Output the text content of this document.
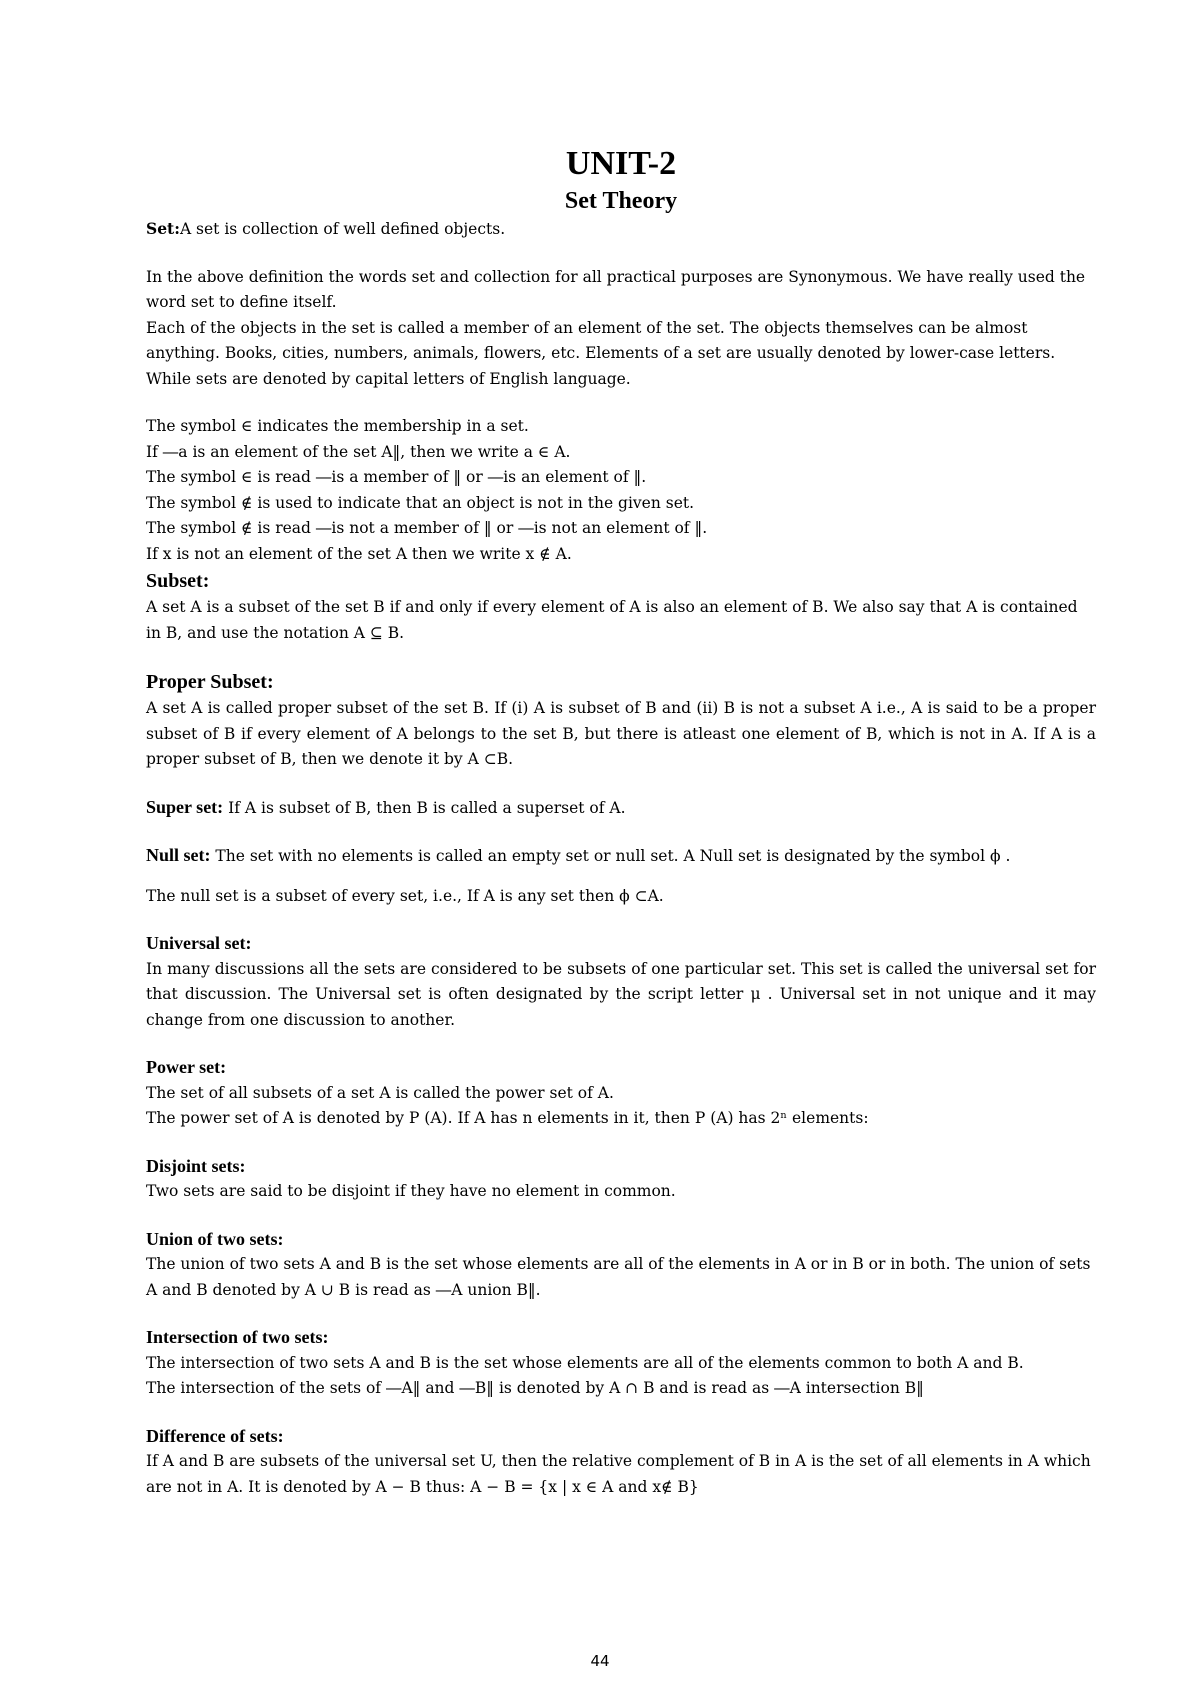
UNIT-2
Set Theory

Set:A set is collection of well defined objects.

In the above definition the words set and collection for all practical purposes are Synonymous. We have really used the word set to define itself.

Each of the objects in the set is called a member of an element of the set. The objects themselves can be almost anything. Books, cities, numbers, animals, flowers, etc. Elements of a set are usually denoted by lower-case letters. While sets are denoted by capital letters of English language.

The symbol ∈ indicates the membership in a set.

If ―a is an element of the set A‖, then we write a ∈ A.

The symbol ∈ is read ―is a member of ‖ or ―is an element of ‖.

The symbol ∉ is used to indicate that an object is not in the given set.

The symbol ∉ is read ―is not a member of ‖ or ―is not an element of ‖.

If x is not an element of the set A then we write x ∉ A.

Subset:

A set A is a subset of the set B if and only if every element of A is also an element of B. We also say that A is contained in B, and use the notation A ⊆ B.

Proper Subset:

A set A is called proper subset of the set B. If (i) A is subset of B and (ii) B is not a subset A i.e., A is said to be a proper subset of B if every element of A belongs to the set B, but there is atleast one element of B, which is not in A. If A is a proper subset of B, then we denote it by A ⊂B.

Super set: If A is subset of B, then B is called a superset of A.

Null set: The set with no elements is called an empty set or null set. A Null set is designated by the symbol ϕ .

The null set is a subset of every set, i.e., If A is any set then ϕ ⊂A.

Universal set:

In many discussions all the sets are considered to be subsets of one particular set. This set is called the universal set for that discussion. The Universal set is often designated by the script letter μ . Universal set in not unique and it may change from one discussion to another.

Power set:

The set of all subsets of a set A is called the power set of A.

The power set of A is denoted by P (A). If A has n elements in it, then P (A) has 2ⁿ elements:

Disjoint sets:

Two sets are said to be disjoint if they have no element in common.

Union of two sets:

The union of two sets A and B is the set whose elements are all of the elements in A or in B or in both. The union of sets A and B denoted by A ∪ B is read as ―A union B‖.

Intersection of two sets:

The intersection of two sets A and B is the set whose elements are all of the elements common to both A and B.

The intersection of the sets of ―A‖ and ―B‖ is denoted by A ∩ B and is read as ―A intersection B‖

Difference of sets:

If A and B are subsets of the universal set U, then the relative complement of B in A is the set of all elements in A which are not in A. It is denoted by A − B thus: A − B = {x | x ∈ A and x∉ B}

44
